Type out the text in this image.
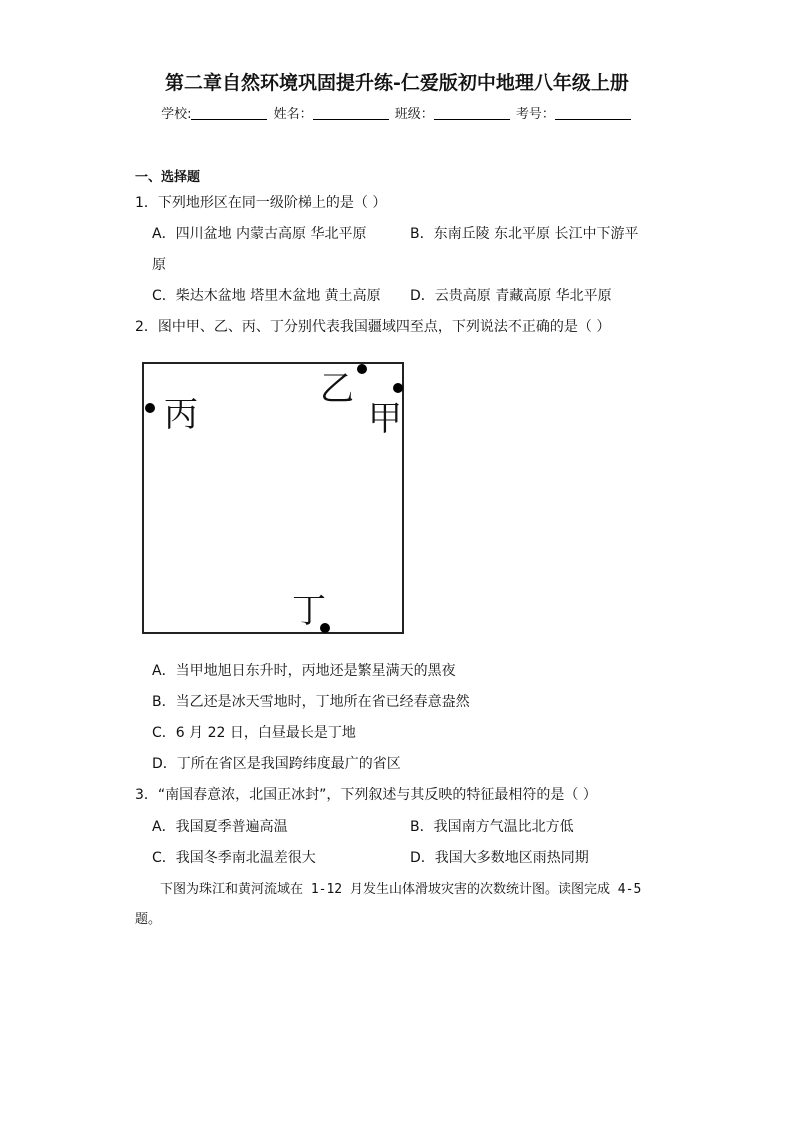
第二章自然环境巩固提升练-仁爱版初中地理八年级上册
学校:	姓名：	班级：	考号：
一、选择题
1．下列地形区在同一级阶梯上的是（ ）
A．四川盆地 内蒙古高原 华北平原	B．东南丘陵 东北平原 长江中下游平
原
C．柴达木盆地 塔里木盆地 黄土高原 D．云贵高原 青藏高原 华北平原
2．图中甲、乙、丙、丁分别代表我国疆域四至点，下列说法不正确的是（ ）
丙
乙
甲
丁
A．当甲地旭日东升时，丙地还是繁星满天的黑夜
B．当乙还是冰天雪地时，丁地所在省已经春意盎然
C．6 月 22 日，白昼最长是丁地
D．丁所在省区是我国跨纬度最广的省区
3．“南国春意浓，北国正冰封”，下列叙述与其反映的特征最相符的是（ ）
A．我国夏季普遍高温	B．我国南方气温比北方低
C．我国冬季南北温差很大	D．我国大多数地区雨热同期
下图为珠江和黄河流域在 1-12 月发生山体滑坡灾害的次数统计图。读图完成 4-5
题。
